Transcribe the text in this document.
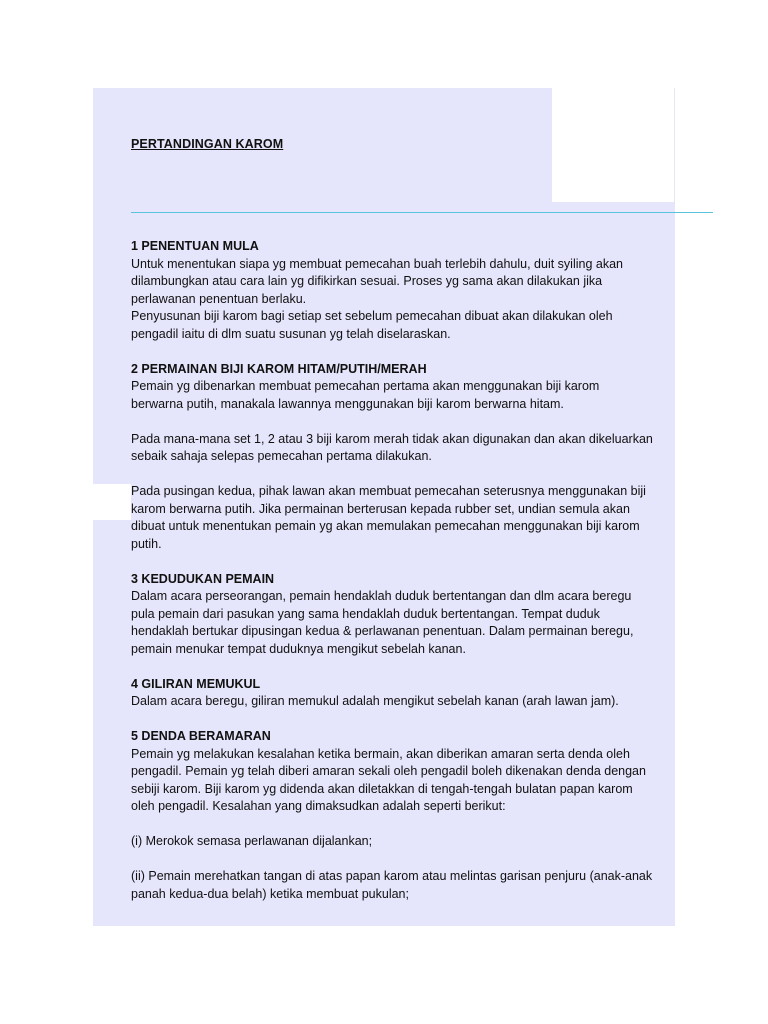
PERTANDINGAN KAROM

1 PENENTUAN MULA

Untuk menentukan siapa yg membuat pemecahan buah terlebih dahulu, duit syiling akan

dilambungkan atau cara lain yg difikirkan sesuai. Proses yg sama akan dilakukan jika

perlawanan penentuan berlaku.

Penyusunan biji karom bagi setiap set sebelum pemecahan dibuat akan dilakukan oleh

pengadil iaitu di dlm suatu susunan yg telah diselaraskan.

2 PERMAINAN BIJI KAROM HITAM/PUTIH/MERAH

Pemain yg dibenarkan membuat pemecahan pertama akan menggunakan biji karom

berwarna putih, manakala lawannya menggunakan biji karom berwarna hitam.

Pada mana-mana set 1, 2 atau 3 biji karom merah tidak akan digunakan dan akan dikeluarkan

sebaik sahaja selepas pemecahan pertama dilakukan.

Pada pusingan kedua, pihak lawan akan membuat pemecahan seterusnya menggunakan biji

karom berwarna putih. Jika permainan berterusan kepada rubber set, undian semula akan

dibuat untuk menentukan pemain yg akan memulakan pemecahan menggunakan biji karom

putih.

3 KEDUDUKAN PEMAIN

Dalam acara perseorangan, pemain hendaklah duduk bertentangan dan dlm acara beregu

pula pemain dari pasukan yang sama hendaklah duduk bertentangan. Tempat duduk

hendaklah bertukar dipusingan kedua & perlawanan penentuan. Dalam permainan beregu,

pemain menukar tempat duduknya mengikut sebelah kanan.

4 GILIRAN MEMUKUL

Dalam acara beregu, giliran memukul adalah mengikut sebelah kanan (arah lawan jam).

5 DENDA BERAMARAN

Pemain yg melakukan kesalahan ketika bermain, akan diberikan amaran serta denda oleh

pengadil. Pemain yg telah diberi amaran sekali oleh pengadil boleh dikenakan denda dengan

sebiji karom. Biji karom yg didenda akan diletakkan di tengah-tengah bulatan papan karom

oleh pengadil. Kesalahan yang dimaksudkan adalah seperti berikut:

(i) Merokok semasa perlawanan dijalankan;

(ii) Pemain merehatkan tangan di atas papan karom atau melintas garisan penjuru (anak-anak

panah kedua-dua belah) ketika membuat pukulan;
